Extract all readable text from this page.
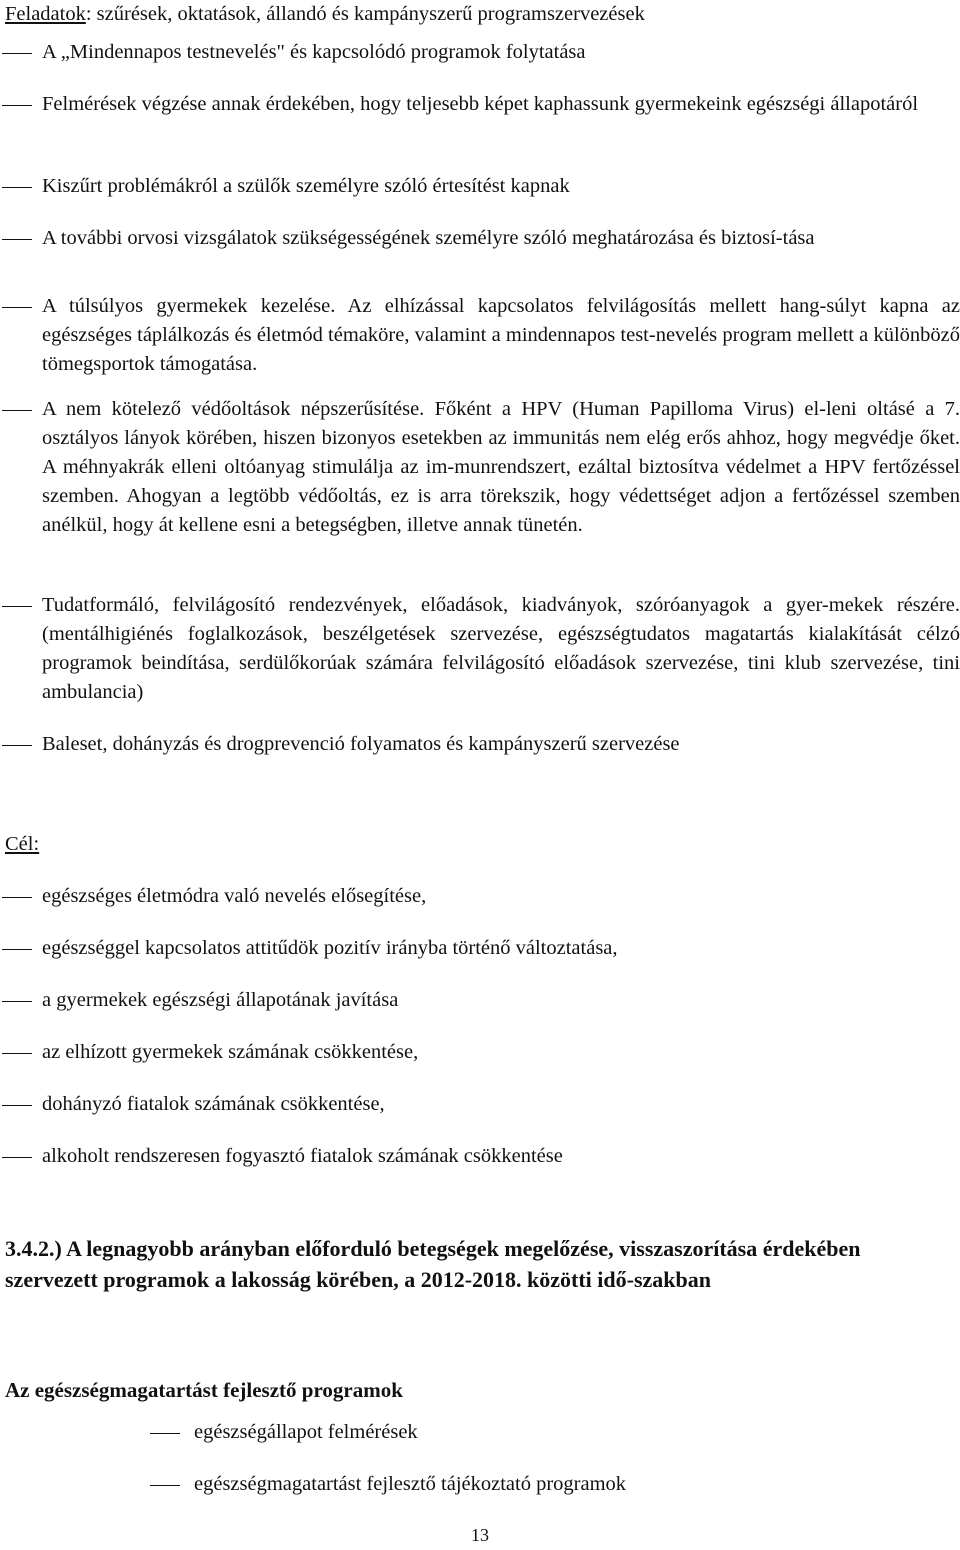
Feladatok: szűrések, oktatások, állandó és kampányszerű programszervezések
A „Mindennapos testnevelés" és kapcsolódó programok folytatása
Felmérések végzése annak érdekében, hogy teljesebb képet kaphassunk gyermekeink egészségi állapotáról
Kiszűrt problémákról a szülők személyre szóló értesítést kapnak
A további orvosi vizsgálatok szükségességének személyre szóló meghatározása és biztosí-tása
A túlsúlyos gyermekek kezelése. Az elhízással kapcsolatos felvilágosítás mellett hang-súlyt kapna az egészséges táplálkozás és életmód témaköre, valamint a mindennapos test-nevelés program mellett a különböző tömegsportok támogatása.
A nem kötelező védőoltások népszerűsítése. Főként a HPV (Human Papilloma Virus) el-leni oltásé a 7. osztályos lányok körében, hiszen bizonyos esetekben az immunitás nem elég erős ahhoz, hogy megvédje őket. A méhnyakrák elleni oltóanyag stimulálja az im-munrendszert, ezáltal biztosítva védelmet a HPV fertőzéssel szemben. Ahogyan a legtöbb védőoltás, ez is arra törekszik, hogy védettséget adjon a fertőzéssel szemben anélkül, hogy át kellene esni a betegségben, illetve annak tünetén.
Tudatformáló, felvilágosító rendezvények, előadások, kiadványok, szóróanyagok a gyer-mekek részére. (mentálhigiénés foglalkozások, beszélgetések szervezése, egészségtudatos magatartás kialakítását célzó programok beindítása, serdülőkorúak számára felvilágosító előadások szervezése, tini klub szervezése, tini ambulancia)
Baleset, dohányzás és drogprevenció folyamatos és kampányszerű szervezése
Cél:
egészséges életmódra való nevelés elősegítése,
egészséggel kapcsolatos attitűdök pozitív irányba történő változtatása,
a gyermekek egészségi állapotának javítása
az elhízott gyermekek számának csökkentése,
dohányzó fiatalok számának csökkentése,
alkoholt rendszeresen fogyasztó fiatalok számának csökkentése
3.4.2.) A legnagyobb arányban előforduló betegségek megelőzése, visszaszorítása érdekében szervezett programok a lakosság körében, a 2012-2018. közötti idő-szakban
Az egészségmagatartást fejlesztő programok
egészségállapot felmérések
egészségmagatartást fejlesztő tájékoztató programok
13
